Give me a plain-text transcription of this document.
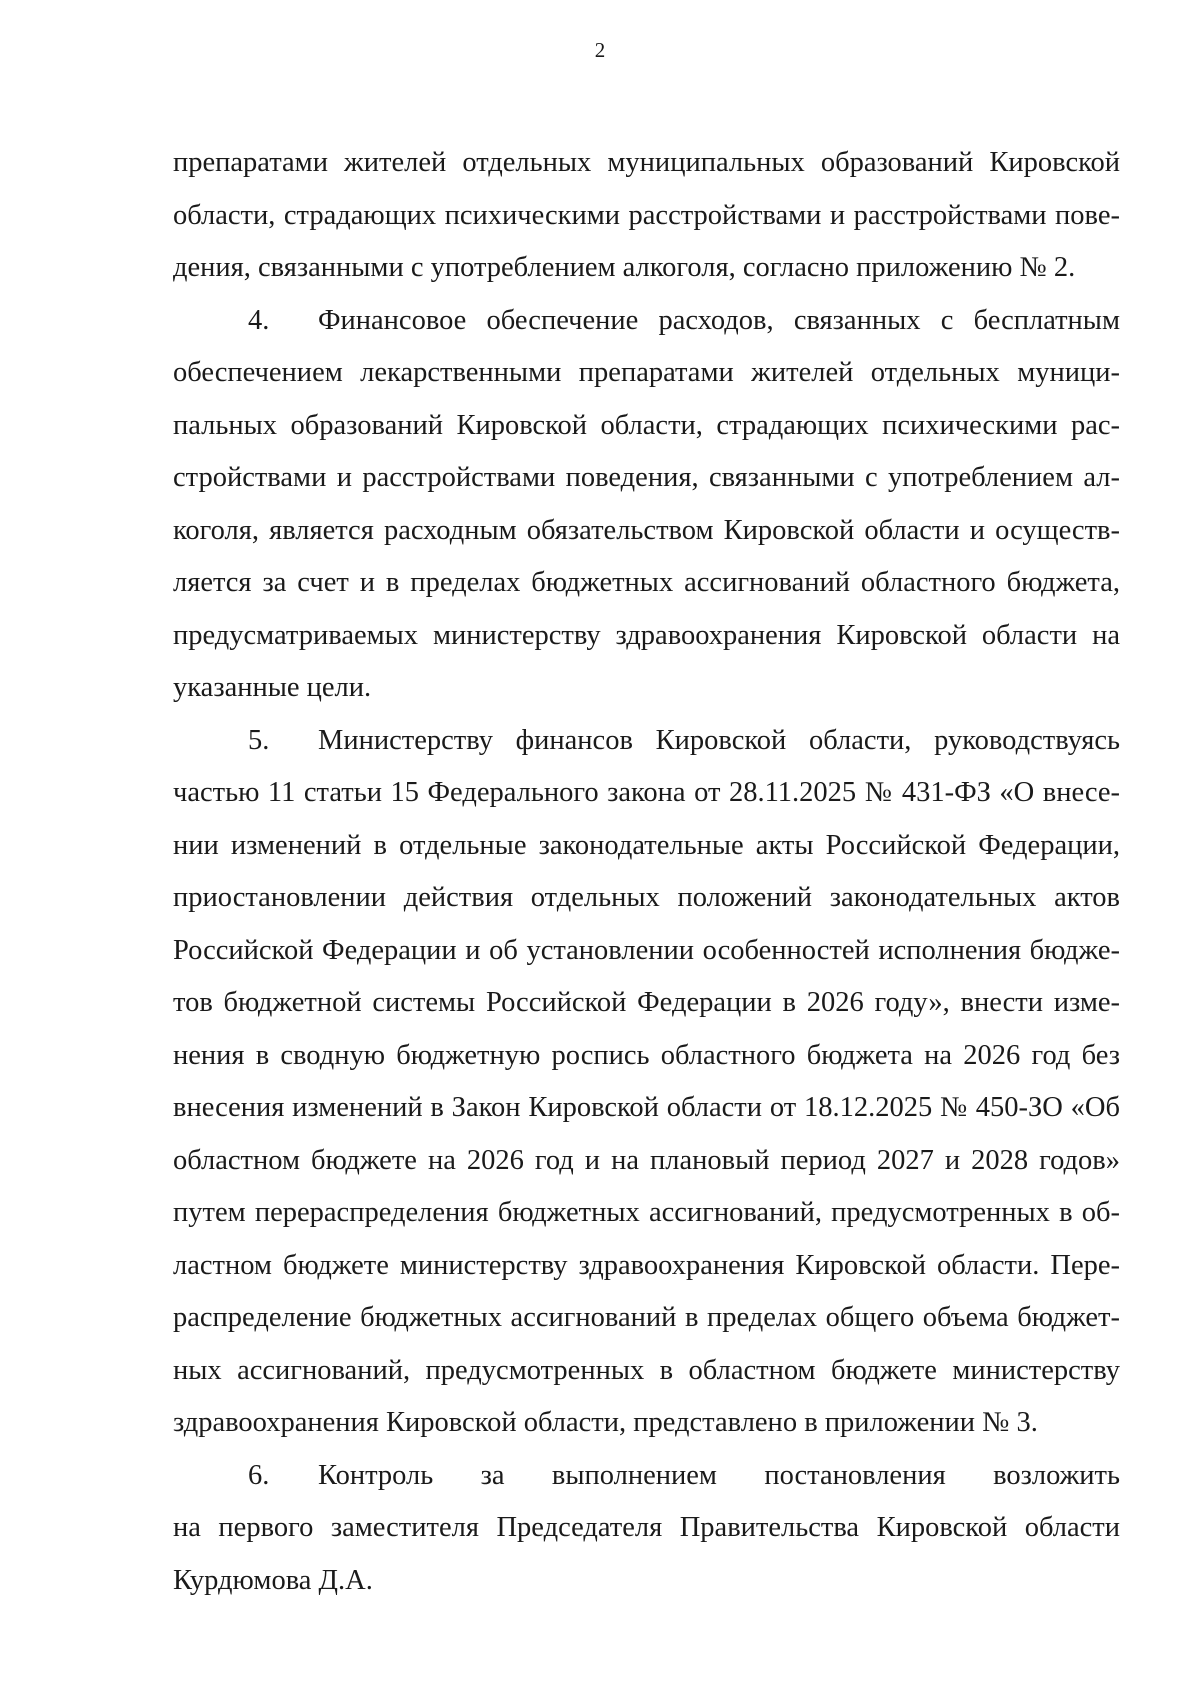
2

препаратами жителей отдельных муниципальных образований Кировской
области, страдающих психическими расстройствами и расстройствами пове-
дения, связанными с употреблением алкоголя, согласно приложению № 2.

4. Финансовое обеспечение расходов, связанных с бесплатным
обеспечением лекарственными препаратами жителей отдельных муници-
пальных образований Кировской области, страдающих психическими рас-
стройствами и расстройствами поведения, связанными с употреблением ал-
коголя, является расходным обязательством Кировской области и осуществ-
ляется за счет и в пределах бюджетных ассигнований областного бюджета,
предусматриваемых министерству здравоохранения Кировской области на
указанные цели.

5. Министерству финансов Кировской области, руководствуясь
частью 11 статьи 15 Федерального закона от 28.11.2025 № 431-ФЗ «О внесе-
нии изменений в отдельные законодательные акты Российской Федерации,
приостановлении действия отдельных положений законодательных актов
Российской Федерации и об установлении особенностей исполнения бюдже-
тов бюджетной системы Российской Федерации в 2026 году», внести изме-
нения в сводную бюджетную роспись областного бюджета на 2026 год без
внесения изменений в Закон Кировской области от 18.12.2025 № 450-ЗО «Об
областном бюджете на 2026 год и на плановый период 2027 и 2028 годов»
путем перераспределения бюджетных ассигнований, предусмотренных в об-
ластном бюджете министерству здравоохранения Кировской области. Пере-
распределение бюджетных ассигнований в пределах общего объема бюджет-
ных ассигнований, предусмотренных в областном бюджете министерству
здравоохранения Кировской области, представлено в приложении № 3.

6. Контроль за выполнением постановления возложить
на первого заместителя Председателя Правительства Кировской области
Курдюмова Д.А.
